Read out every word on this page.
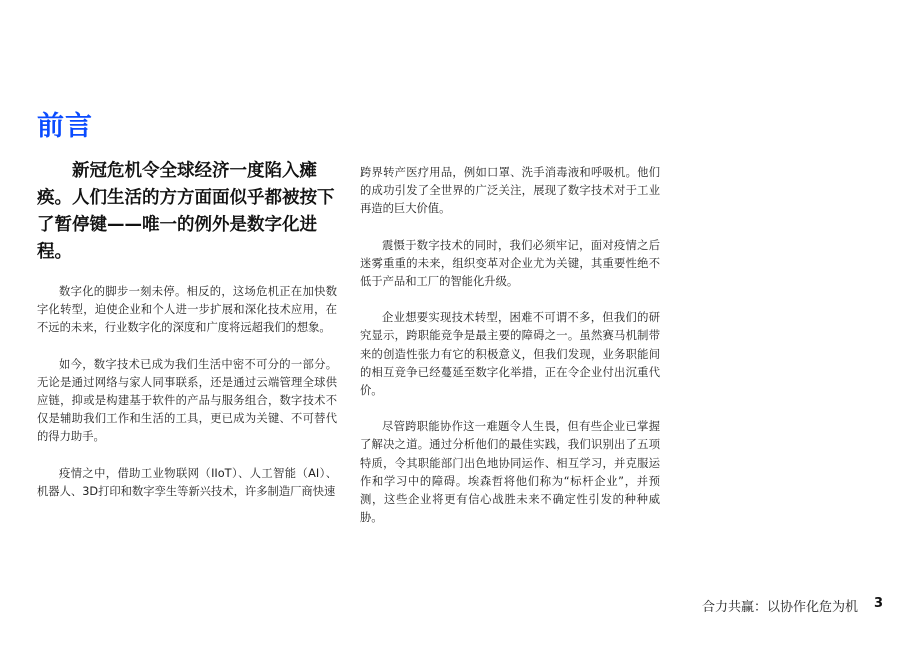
前言

新冠危机令全球经济一度陷入瘫痪。人们生活的方方面面似乎都被按下了暂停键——唯一的例外是数字化进程。

数字化的脚步一刻未停。相反的，这场危机正在加快数字化转型，迫使企业和个人进一步扩展和深化技术应用，在不远的未来，行业数字化的深度和广度将远超我们的想象。

如今，数字技术已成为我们生活中密不可分的一部分。无论是通过网络与家人同事联系，还是通过云端管理全球供应链，抑或是构建基于软件的产品与服务组合，数字技术不仅是辅助我们工作和生活的工具，更已成为关键、不可替代的得力助手。

疫情之中，借助工业物联网（IIoT）、人工智能（AI）、机器人、3D打印和数字孪生等新兴技术，许多制造厂商快速

跨界转产医疗用品，例如口罩、洗手消毒液和呼吸机。他们的成功引发了全世界的广泛关注，展现了数字技术对于工业再造的巨大价值。

震慑于数字技术的同时，我们必须牢记，面对疫情之后迷雾重重的未来，组织变革对企业尤为关键，其重要性绝不低于产品和工厂的智能化升级。

企业想要实现技术转型，困难不可谓不多，但我们的研究显示，跨职能竞争是最主要的障碍之一。虽然赛马机制带来的创造性张力有它的积极意义，但我们发现，业务职能间的相互竞争已经蔓延至数字化举措，正在令企业付出沉重代价。

尽管跨职能协作这一难题令人生畏，但有些企业已掌握了解决之道。通过分析他们的最佳实践，我们识别出了五项特质，令其职能部门出色地协同运作、相互学习，并克服运作和学习中的障碍。埃森哲将他们称为“标杆企业”，并预测，这些企业将更有信心战胜未来不确定性引发的种种威胁。

合力共赢：以协作化危为机 3
